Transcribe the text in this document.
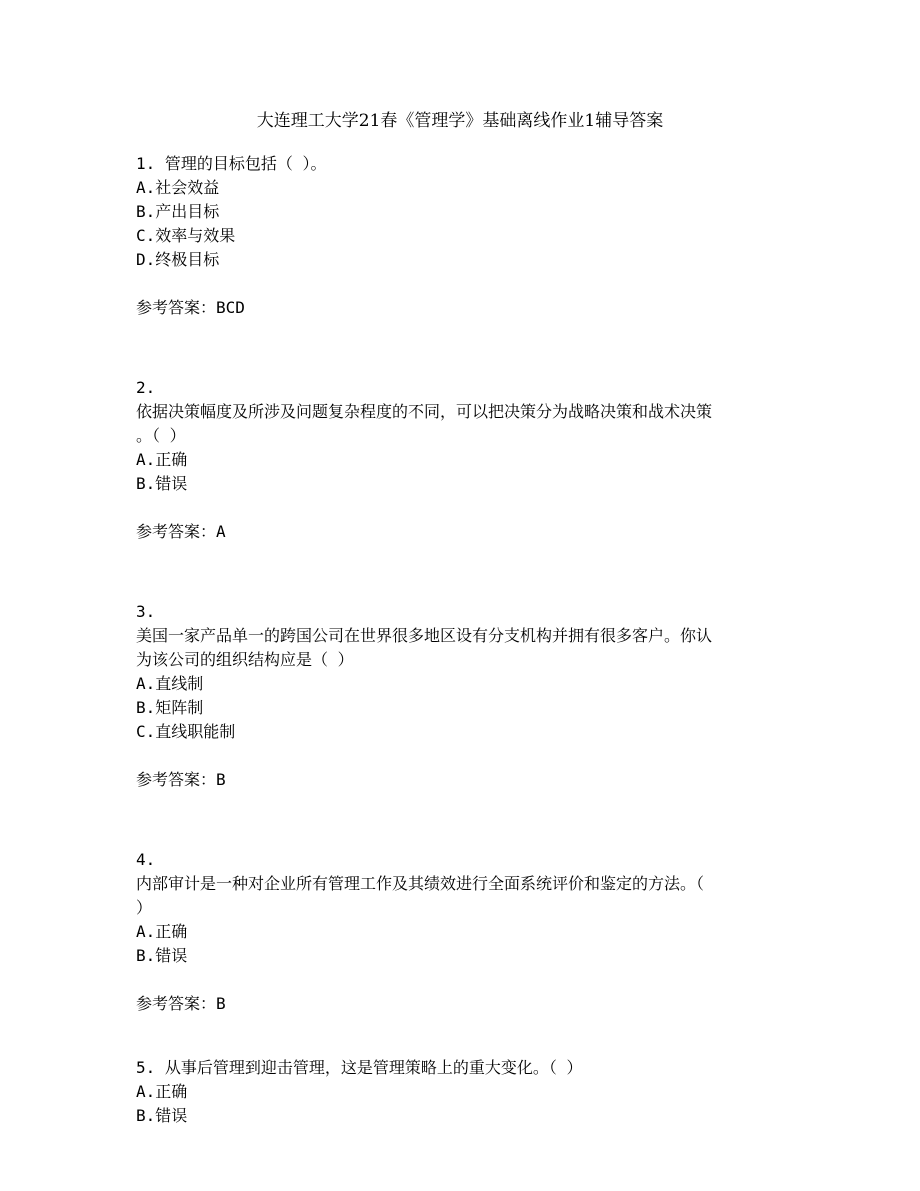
大连理工大学21春《管理学》基础离线作业1辅导答案
1. 管理的目标包括（ ）。
A.社会效益
B.产出目标
C.效率与效果
D.终极目标
参考答案：BCD
2.
依据决策幅度及所涉及问题复杂程度的不同，可以把决策分为战略决策和战术决策
。（ ）
A.正确
B.错误
参考答案：A
3.
美国一家产品单一的跨国公司在世界很多地区设有分支机构并拥有很多客户。你认
为该公司的组织结构应是（ ）
A.直线制
B.矩阵制
C.直线职能制
参考答案：B
4.
内部审计是一种对企业所有管理工作及其绩效进行全面系统评价和鉴定的方法。（
）
A.正确
B.错误
参考答案：B
5. 从事后管理到迎击管理，这是管理策略上的重大变化。（ ）
A.正确
B.错误
